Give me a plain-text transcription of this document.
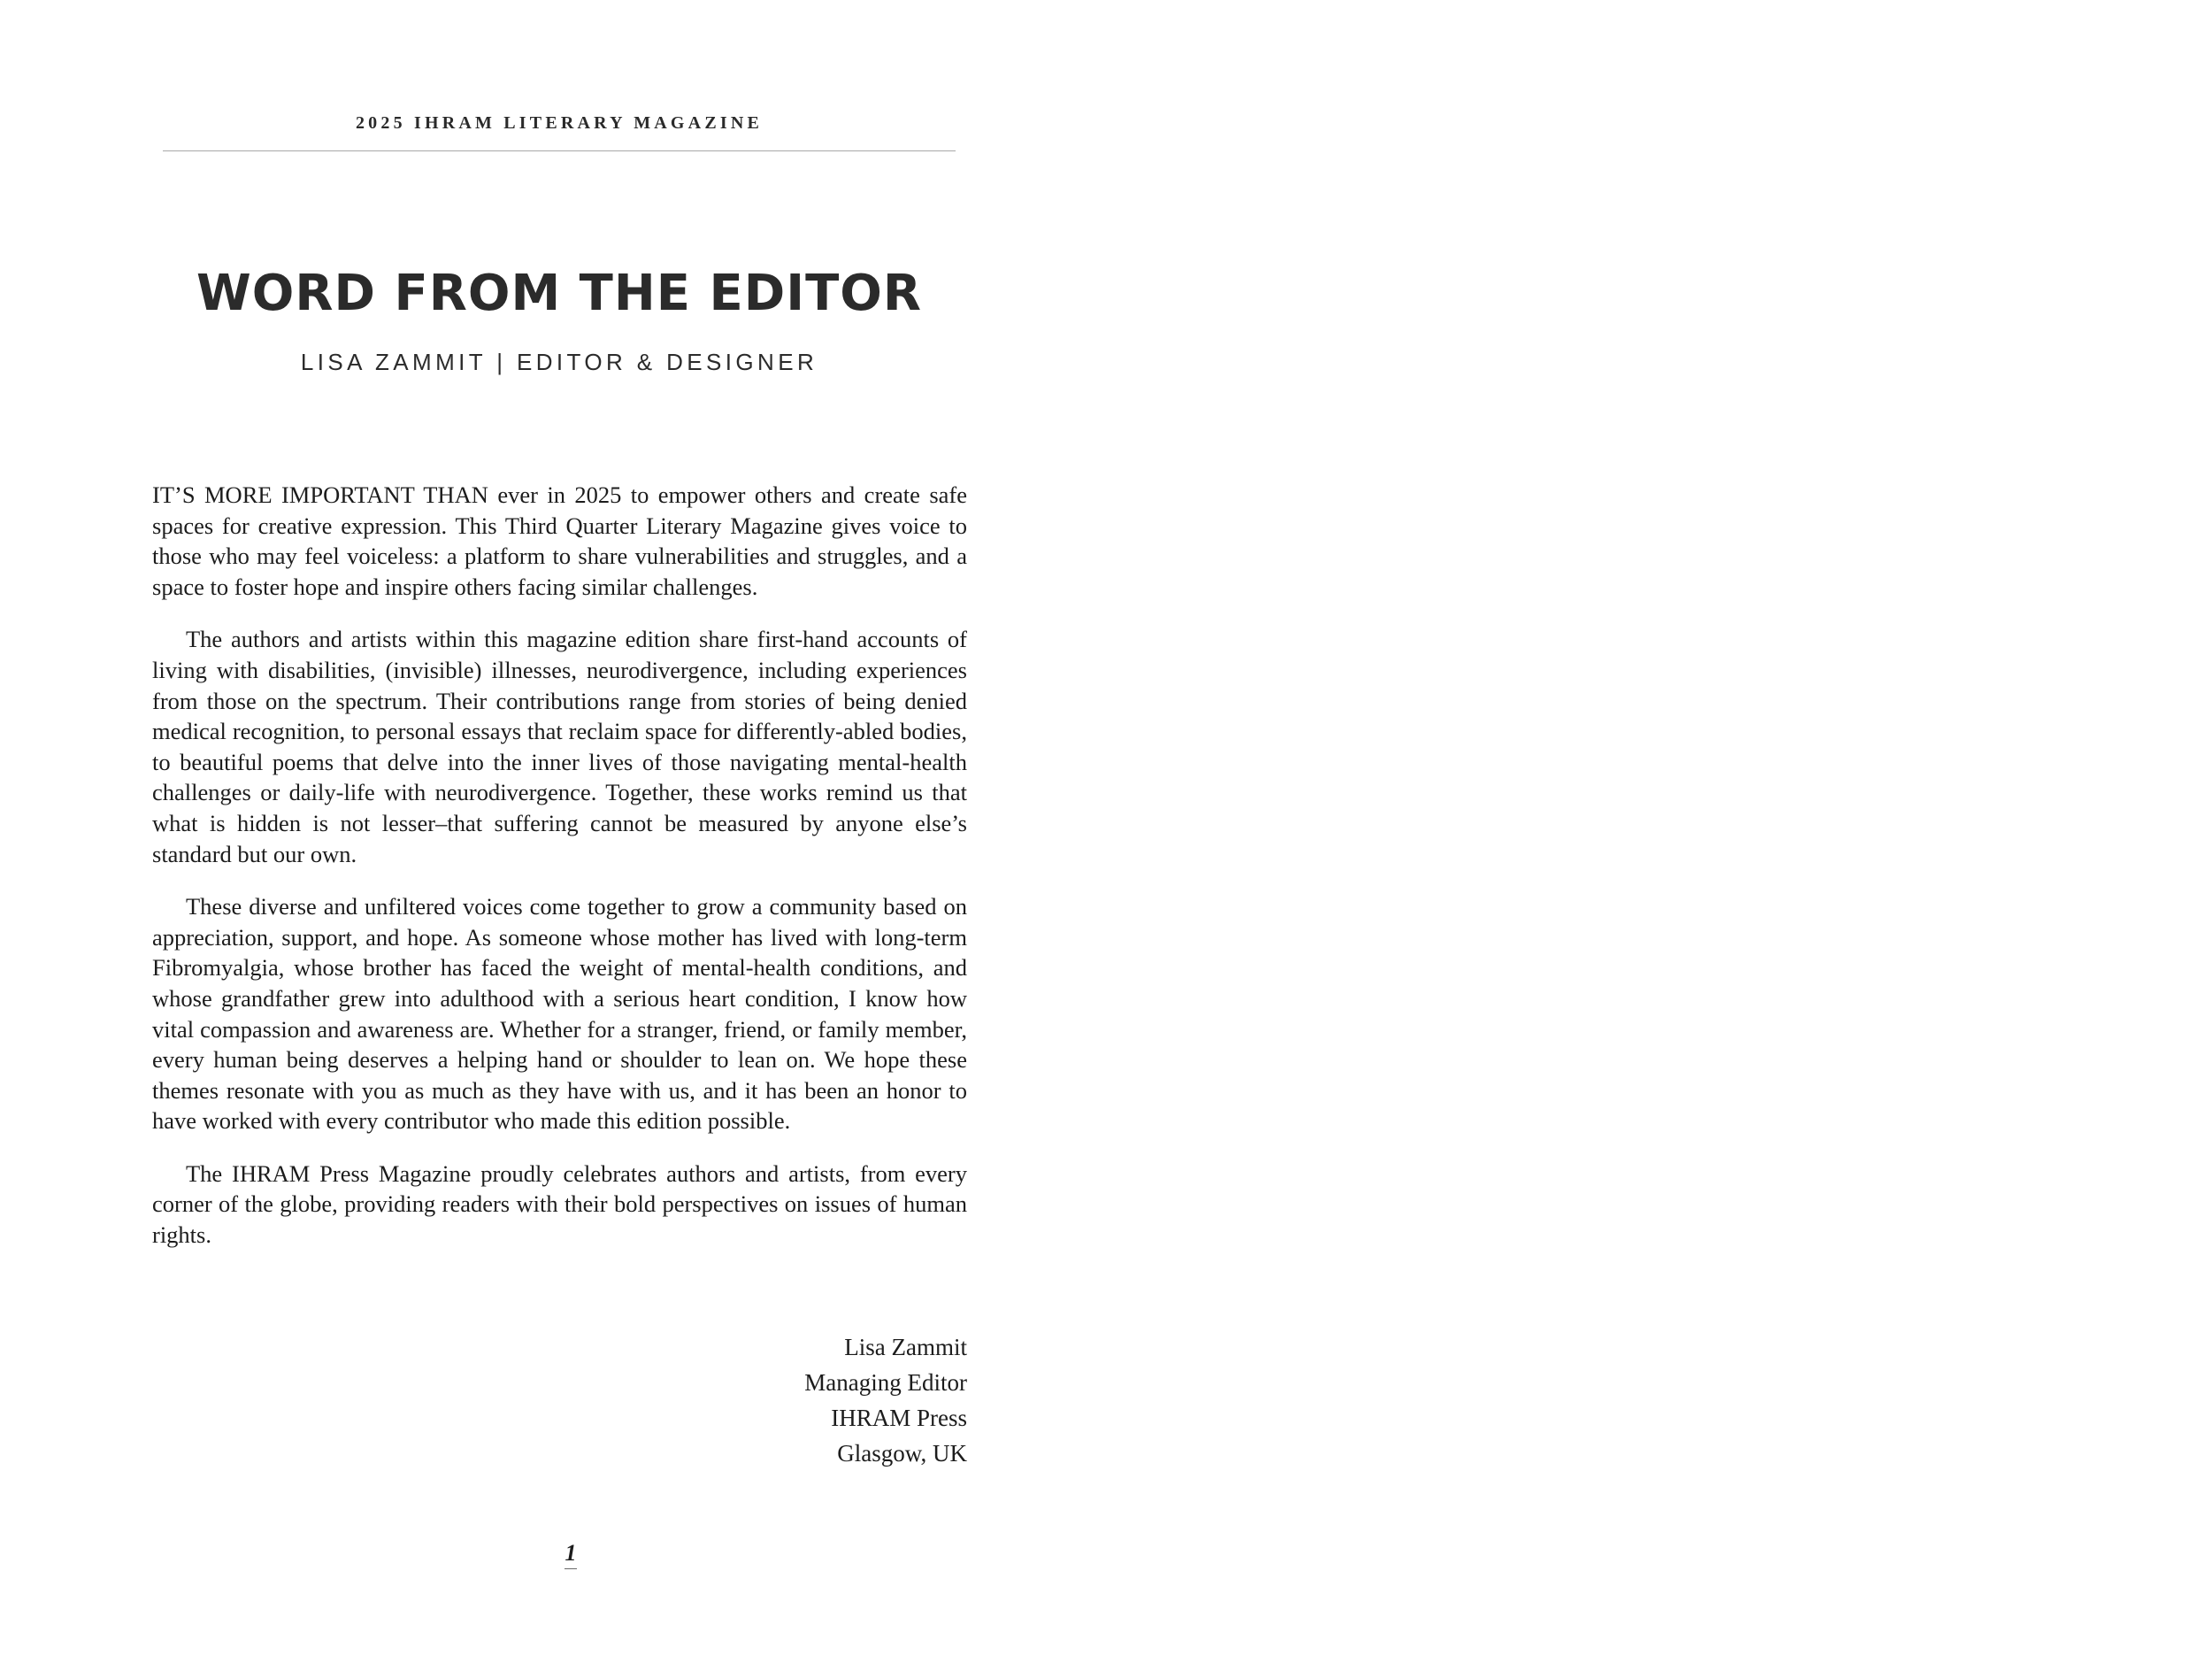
2025 IHRAM LITERARY MAGAZINE
WORD FROM THE EDITOR
LISA ZAMMIT | EDITOR & DESIGNER

IT’S MORE IMPORTANT THAN ever in 2025 to empower others and create safe spaces for creative expression. This Third Quarter Literary Magazine gives voice to those who may feel voiceless: a platform to share vulnerabilities and struggles, and a space to foster hope and inspire others facing similar challenges.

The authors and artists within this magazine edition share first-hand accounts of living with disabilities, (invisible) illnesses, neurodivergence, including experiences from those on the spectrum. Their contributions range from stories of being denied medical recognition, to personal essays that reclaim space for differently-abled bodies, to beautiful poems that delve into the inner lives of those navigating mental-health challenges or daily-life with neurodivergence. Together, these works remind us that what is hidden is not lesser–that suffering cannot be measured by anyone else’s standard but our own.

These diverse and unfiltered voices come together to grow a community based on appreciation, support, and hope. As someone whose mother has lived with long-term Fibromyalgia, whose brother has faced the weight of mental-health conditions, and whose grandfather grew into adulthood with a serious heart condition, I know how vital compassion and awareness are. Whether for a stranger, friend, or family member, every human being deserves a helping hand or shoulder to lean on. We hope these themes resonate with you as much as they have with us, and it has been an honor to have worked with every contributor who made this edition possible.

The IHRAM Press Magazine proudly celebrates authors and artists, from every corner of the globe, providing readers with their bold perspectives on issues of human rights.

Lisa Zammit
Managing Editor
IHRAM Press
Glasgow, UK
1
